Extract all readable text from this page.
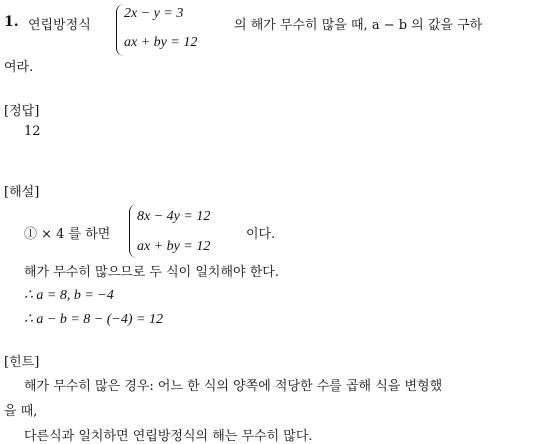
1. 연립방정식
2x − y = 3
ax + by = 12
의 해가 무수히 많을 때, a − b 의 값을 구하
여라.
[정답]
12
[해설]
① × 4 를 하면
8x − 4y = 12
ax + by = 12
이다.
해가 무수히 많으므로 두 식이 일치해야 한다.
∴ a = 8, b = −4
∴ a − b = 8 − (−4) = 12
[힌트]
해가 무수히 많은 경우: 어느 한 식의 양쪽에 적당한 수를 곱해 식을 변형했
을 때,
다른식과 일치하면 연립방정식의 해는 무수히 많다.
